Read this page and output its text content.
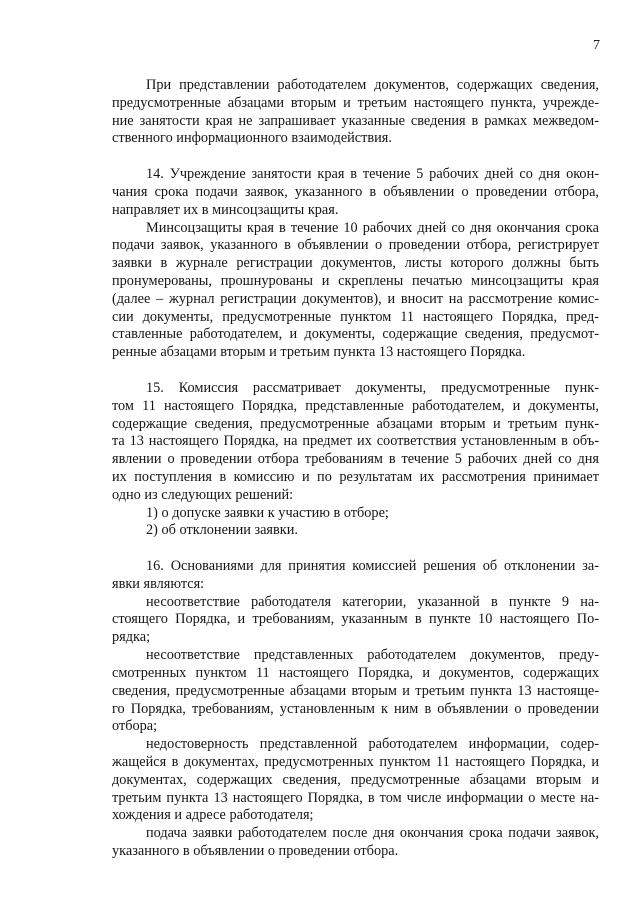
7
При представлении работодателем документов, содержащих сведения,
предусмотренные абзацами вторым и третьим настоящего пункта, учрежде-
ние занятости края не запрашивает указанные сведения в рамках межведом-
ственного информационного взаимодействия.
14. Учреждение занятости края в течение 5 рабочих дней со дня окон-
чания срока подачи заявок, указанного в объявлении о проведении отбора,
направляет их в минсоцзащиты края.
Минсоцзащиты края в течение 10 рабочих дней со дня окончания срока
подачи заявок, указанного в объявлении о проведении отбора, регистрирует
заявки в журнале регистрации документов, листы которого должны быть
пронумерованы, прошнурованы и скреплены печатью минсоцзащиты края
(далее – журнал регистрации документов), и вносит на рассмотрение комис-
сии документы, предусмотренные пунктом 11 настоящего Порядка, пред-
ставленные работодателем, и документы, содержащие сведения, предусмот-
ренные абзацами вторым и третьим пункта 13 настоящего Порядка.
15. Комиссия рассматривает документы, предусмотренные пунк-
том 11 настоящего Порядка, представленные работодателем, и документы,
содержащие сведения, предусмотренные абзацами вторым и третьим пунк-
та 13 настоящего Порядка, на предмет их соответствия установленным в объ-
явлении о проведении отбора требованиям в течение 5 рабочих дней со дня
их поступления в комиссию и по результатам их рассмотрения принимает
одно из следующих решений:
1) о допуске заявки к участию в отборе;
2) об отклонении заявки.
16. Основаниями для принятия комиссией решения об отклонении за-
явки являются:
несоответствие работодателя категории, указанной в пункте 9 на-
стоящего Порядка, и требованиям, указанным в пункте 10 настоящего По-
рядка;
несоответствие представленных работодателем документов, преду-
смотренных пунктом 11 настоящего Порядка, и документов, содержащих
сведения, предусмотренные абзацами вторым и третьим пункта 13 настояще-
го Порядка, требованиям, установленным к ним в объявлении о проведении
отбора;
недостоверность представленной работодателем информации, содер-
жащейся в документах, предусмотренных пунктом 11 настоящего Порядка, и
документах, содержащих сведения, предусмотренные абзацами вторым и
третьим пункта 13 настоящего Порядка, в том числе информации о месте на-
хождения и адресе работодателя;
подача заявки работодателем после дня окончания срока подачи заявок,
указанного в объявлении о проведении отбора.
